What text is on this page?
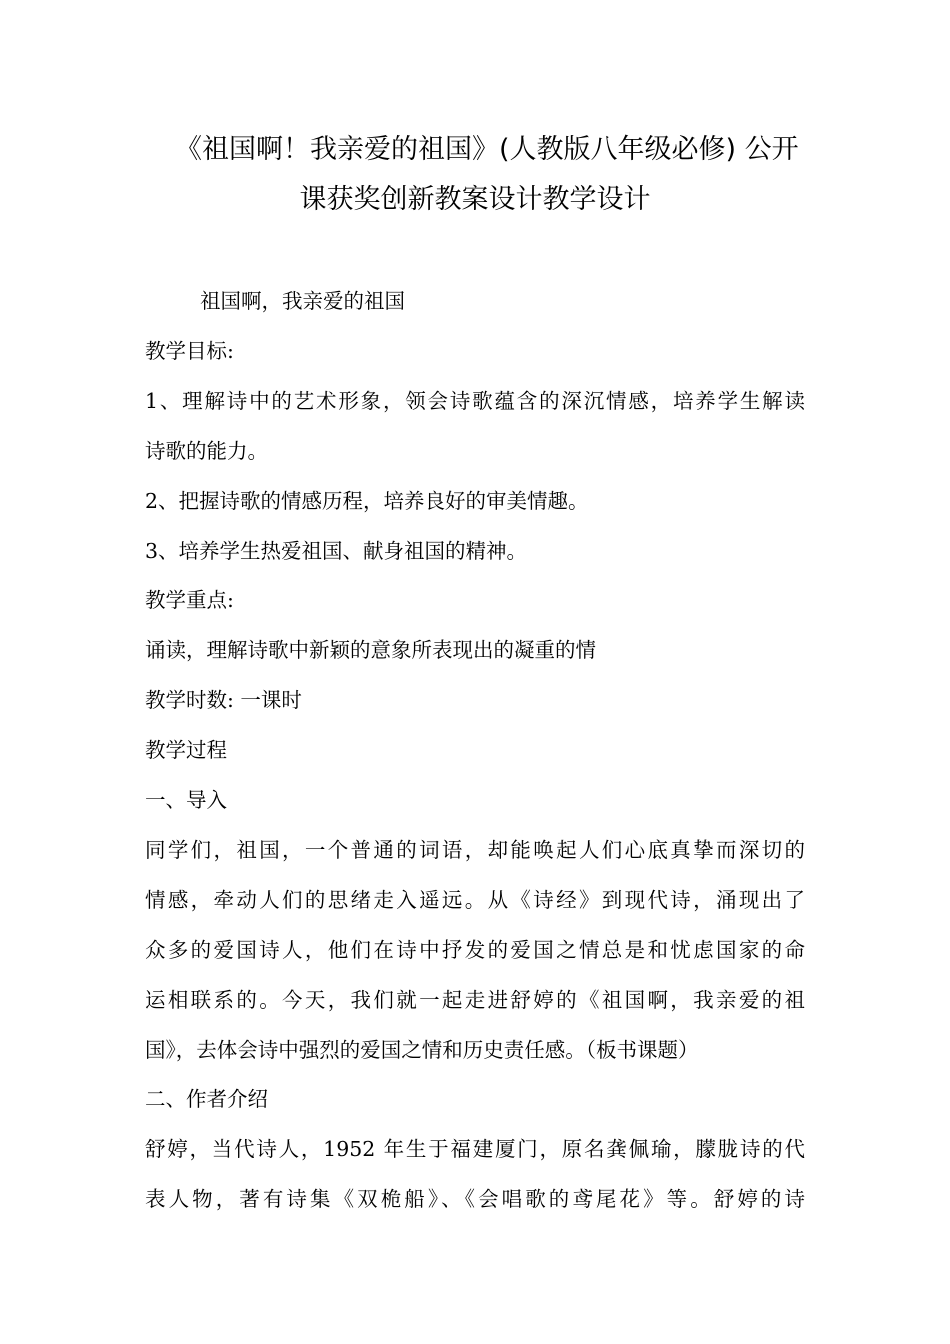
《祖国啊！我亲爱的祖国》(人教版八年级必修) 公开
课获奖创新教案设计教学设计
祖国啊，我亲爱的祖国
教学目标:
1、理解诗中的艺术形象，领会诗歌蕴含的深沉情感，培养学生解读
诗歌的能力。
2、把握诗歌的情感历程，培养良好的审美情趣。
3、培养学生热爱祖国、献身祖国的精神。
教学重点:
诵读，理解诗歌中新颖的意象所表现出的凝重的情
教学时数: 一课时
教学过程
一、导入
同学们，祖国，一个普通的词语，却能唤起人们心底真挚而深切的
情感，牵动人们的思绪走入遥远。从《诗经》到现代诗，涌现出了
众多的爱国诗人，他们在诗中抒发的爱国之情总是和忧虑国家的命
运相联系的。今天，我们就一起走进舒婷的《祖国啊，我亲爱的祖
国》，去体会诗中强烈的爱国之情和历史责任感。（板书课题）
二、作者介绍
舒婷，当代诗人，1952 年生于福建厦门，原名龚佩瑜，朦胧诗的代
表人物，著有诗集《双桅船》、《会唱歌的鸢尾花》等。舒婷的诗
